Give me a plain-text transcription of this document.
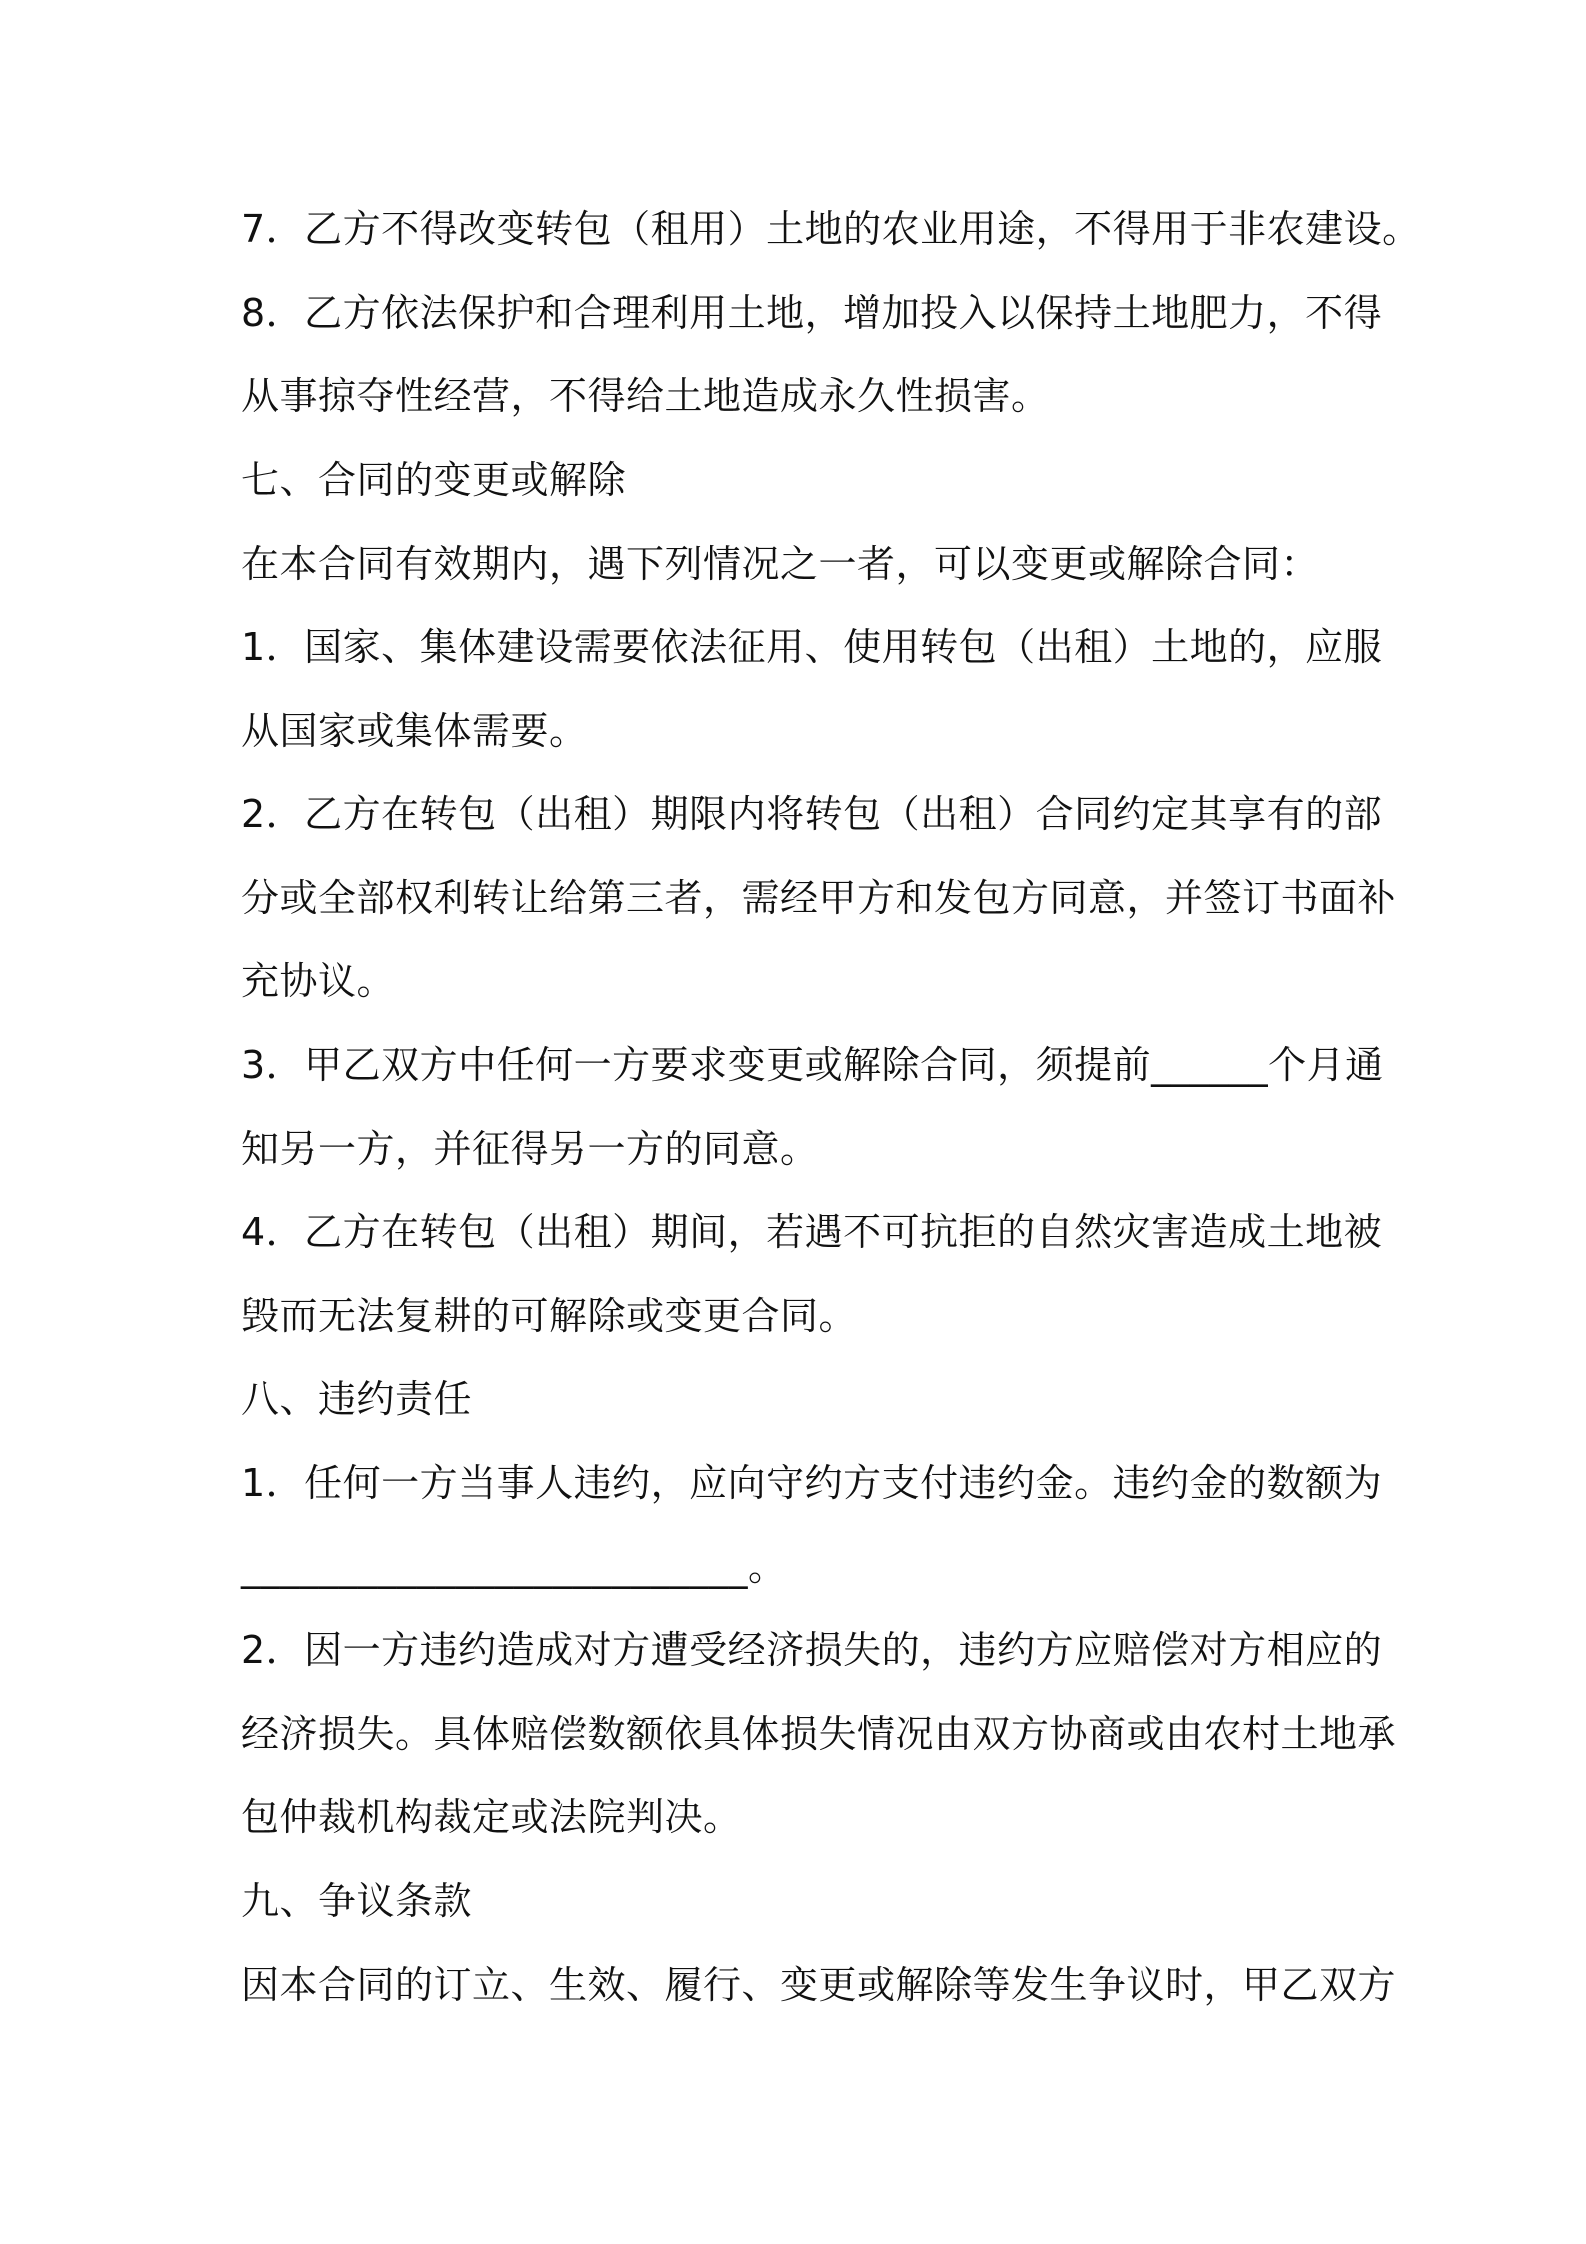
7．乙方不得改变转包（租用）土地的农业用途，不得用于非农建设。
8．乙方依法保护和合理利用土地，增加投入以保持土地肥力，不得
从事掠夺性经营，不得给土地造成永久性损害。
七、合同的变更或解除
在本合同有效期内，遇下列情况之一者，可以变更或解除合同：
1．国家、集体建设需要依法征用、使用转包（出租）土地的，应服
从国家或集体需要。
2．乙方在转包（出租）期限内将转包（出租）合同约定其享有的部
分或全部权利转让给第三者，需经甲方和发包方同意，并签订书面补
充协议。
3．甲乙双方中任何一方要求变更或解除合同，须提前______个月通
知另一方，并征得另一方的同意。
4．乙方在转包（出租）期间，若遇不可抗拒的自然灾害造成土地被
毁而无法复耕的可解除或变更合同。
八、违约责任
1．任何一方当事人违约，应向守约方支付违约金。违约金的数额为
__________________________。
2．因一方违约造成对方遭受经济损失的，违约方应赔偿对方相应的
经济损失。具体赔偿数额依具体损失情况由双方协商或由农村土地承
包仲裁机构裁定或法院判决。
九、争议条款
因本合同的订立、生效、履行、变更或解除等发生争议时，甲乙双方
